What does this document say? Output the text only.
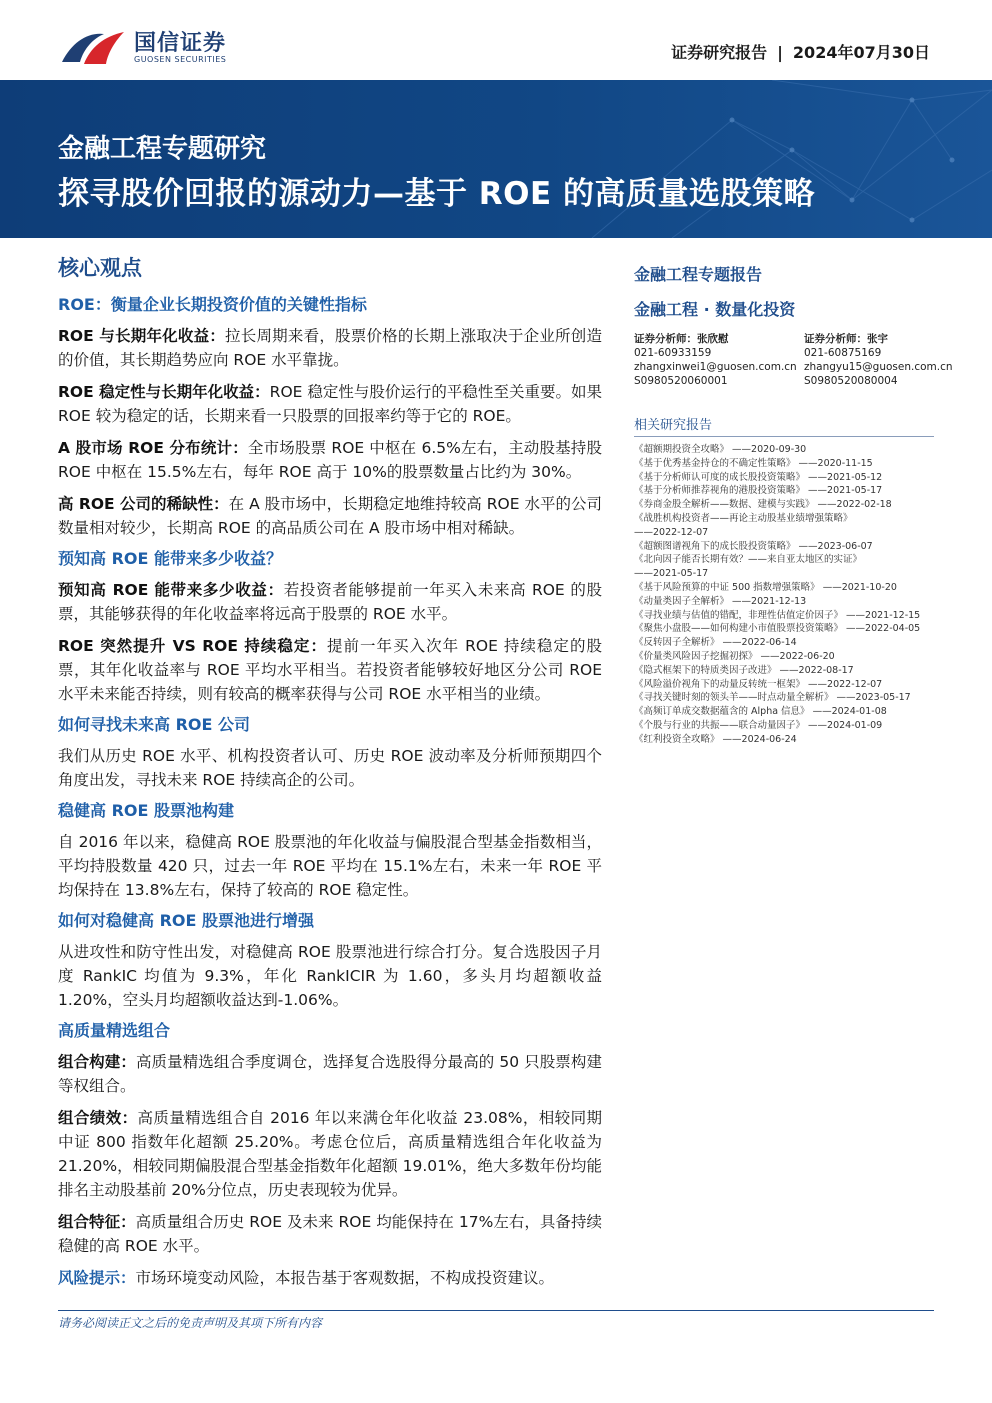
国信证券
GUOSEN SECURITIES	证券研究报告 | 2024年07月30日
金融工程专题研究
探寻股价回报的源动力—基于 ROE 的高质量选股策略
核心观点
ROE：衡量企业长期投资价值的关键性指标

ROE 与长期年化收益：拉长周期来看，股票价格的长期上涨取决于企业所创造的价值，其长期趋势应向 ROE 水平靠拢。

ROE 稳定性与长期年化收益：ROE 稳定性与股价运行的平稳性至关重要。如果 ROE 较为稳定的话，长期来看一只股票的回报率约等于它的 ROE。

A 股市场 ROE 分布统计：全市场股票 ROE 中枢在 6.5%左右，主动股基持股 ROE 中枢在 15.5%左右，每年 ROE 高于 10%的股票数量占比约为 30%。

高 ROE 公司的稀缺性：在 A 股市场中，长期稳定地维持较高 ROE 水平的公司数量相对较少，长期高 ROE 的高品质公司在 A 股市场中相对稀缺。

预知高 ROE 能带来多少收益？

预知高 ROE 能带来多少收益：若投资者能够提前一年买入未来高 ROE 的股票，其能够获得的年化收益率将远高于股票的 ROE 水平。

ROE 突然提升 VS ROE 持续稳定：提前一年买入次年 ROE 持续稳定的股票，其年化收益率与 ROE 平均水平相当。若投资者能够较好地区分公司 ROE 水平未来能否持续，则有较高的概率获得与公司 ROE 水平相当的业绩。

如何寻找未来高 ROE 公司

我们从历史 ROE 水平、机构投资者认可、历史 ROE 波动率及分析师预期四个角度出发，寻找未来 ROE 持续高企的公司。

稳健高 ROE 股票池构建

自 2016 年以来，稳健高 ROE 股票池的年化收益与偏股混合型基金指数相当，平均持股数量 420 只，过去一年 ROE 平均在 15.1%左右，未来一年 ROE 平均保持在 13.8%左右，保持了较高的 ROE 稳定性。

如何对稳健高 ROE 股票池进行增强

从进攻性和防守性出发，对稳健高 ROE 股票池进行综合打分。复合选股因子月度 RankIC 均值为 9.3%，年化 RankICIR 为 1.60，多头月均超额收益 1.20%，空头月均超额收益达到-1.06%。

高质量精选组合

组合构建：高质量精选组合季度调仓，选择复合选股得分最高的 50 只股票构建等权组合。

组合绩效：高质量精选组合自 2016 年以来满仓年化收益 23.08%，相较同期中证 800 指数年化超额 25.20%。考虑仓位后，高质量精选组合年化收益为 21.20%，相较同期偏股混合型基金指数年化超额 19.01%，绝大多数年份均能排名主动股基前 20%分位点，历史表现较为优异。

组合特征：高质量组合历史 ROE 及未来 ROE 均能保持在 17%左右，具备持续稳健的高 ROE 水平。

风险提示：市场环境变动风险，本报告基于客观数据，不构成投资建议。

金融工程专题报告
金融工程 · 数量化投资
证券分析师：张欣慰
021-60933159
zhangxinwei1@guosen.com.cn
S0980520060001
证券分析师：张宇
021-60875169
zhangyu15@guosen.com.cn
S0980520080004
相关研究报告
《超额期投资全攻略》 ——2020-09-30
《基于优秀基金持仓的不确定性策略》 ——2020-11-15
《基于分析师认可度的成长股投资策略》 ——2021-05-12
《基于分析师推荐视角的港股投资策略》 ——2021-05-17
《券商金股全解析——数据、建模与实践》 ——2022-02-18
《战胜机构投资者——再论主动股基业绩增强策略》
——2022-12-07
《超额图谱视角下的成长股投资策略》 ——2023-06-07
《北向因子能否长期有效？——来自亚太地区的实证》
——2021-05-17
《基于风险预算的中证 500 指数增强策略》 ——2021-10-20
《动量类因子全解析》 ——2021-12-13
《寻找业绩与估值的错配，非理性估值定价因子》 ——2021-12-15
《聚焦小盘股——如何构建小市值股票投资策略》 ——2022-04-05
《反转因子全解析》 ——2022-06-14
《价量类风险因子挖掘初探》 ——2022-06-20
《隐式框架下的特质类因子改进》 ——2022-08-17
《风险溢价视角下的动量反转统一框架》 ——2022-12-07
《寻找关键时刻的领头羊——时点动量全解析》 ——2023-05-17
《高频订单成交数据蕴含的 Alpha 信息》 ——2024-01-08
《个股与行业的共振——联合动量因子》 ——2024-01-09
《红利投资全攻略》 ——2024-06-24
请务必阅读正文之后的免责声明及其项下所有内容
